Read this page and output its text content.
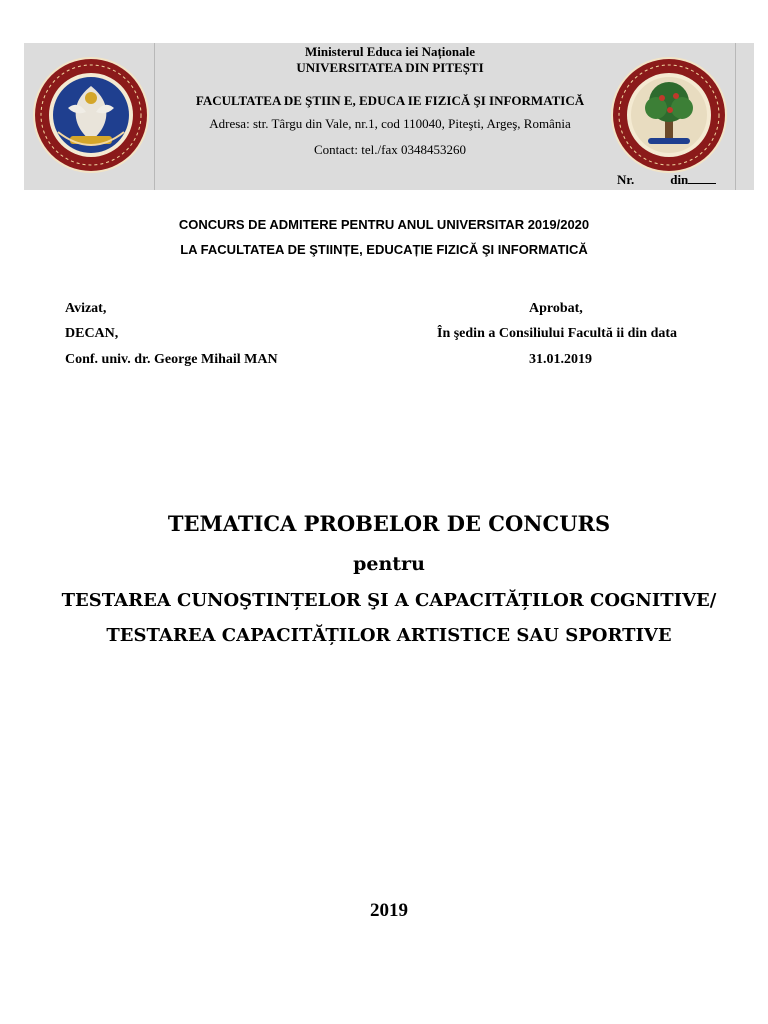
Ministerul Educa iei Naționale
UNIVERSITATEA DIN PITEȘTI
FACULTATEA DE ŞTIIN E, EDUCA IE FIZICĂ ŞI INFORMATICĂ
Adresa: str. Târgu din Vale, nr.1, cod 110040, Piteşti, Argeş, România
Contact: tel./fax 0348453260
Nr.	din
CONCURS DE ADMITERE PENTRU ANUL UNIVERSITAR 2019/2020
LA FACULTATEA DE ŞTIINȚE, EDUCAȚIE FIZICĂ ŞI INFORMATICĂ
Avizat,
DECAN,
Conf. univ. dr. George Mihail MAN
Aprobat,
În şedin a Consiliului Facultă ii din data
31.01.2019
TEMATICA PROBELOR DE CONCURS
pentru
TESTAREA CUNOŞTINȚELOR ŞI A CAPACITĂȚILOR COGNITIVE/
TESTAREA CAPACITĂȚILOR ARTISTICE SAU SPORTIVE
2019
